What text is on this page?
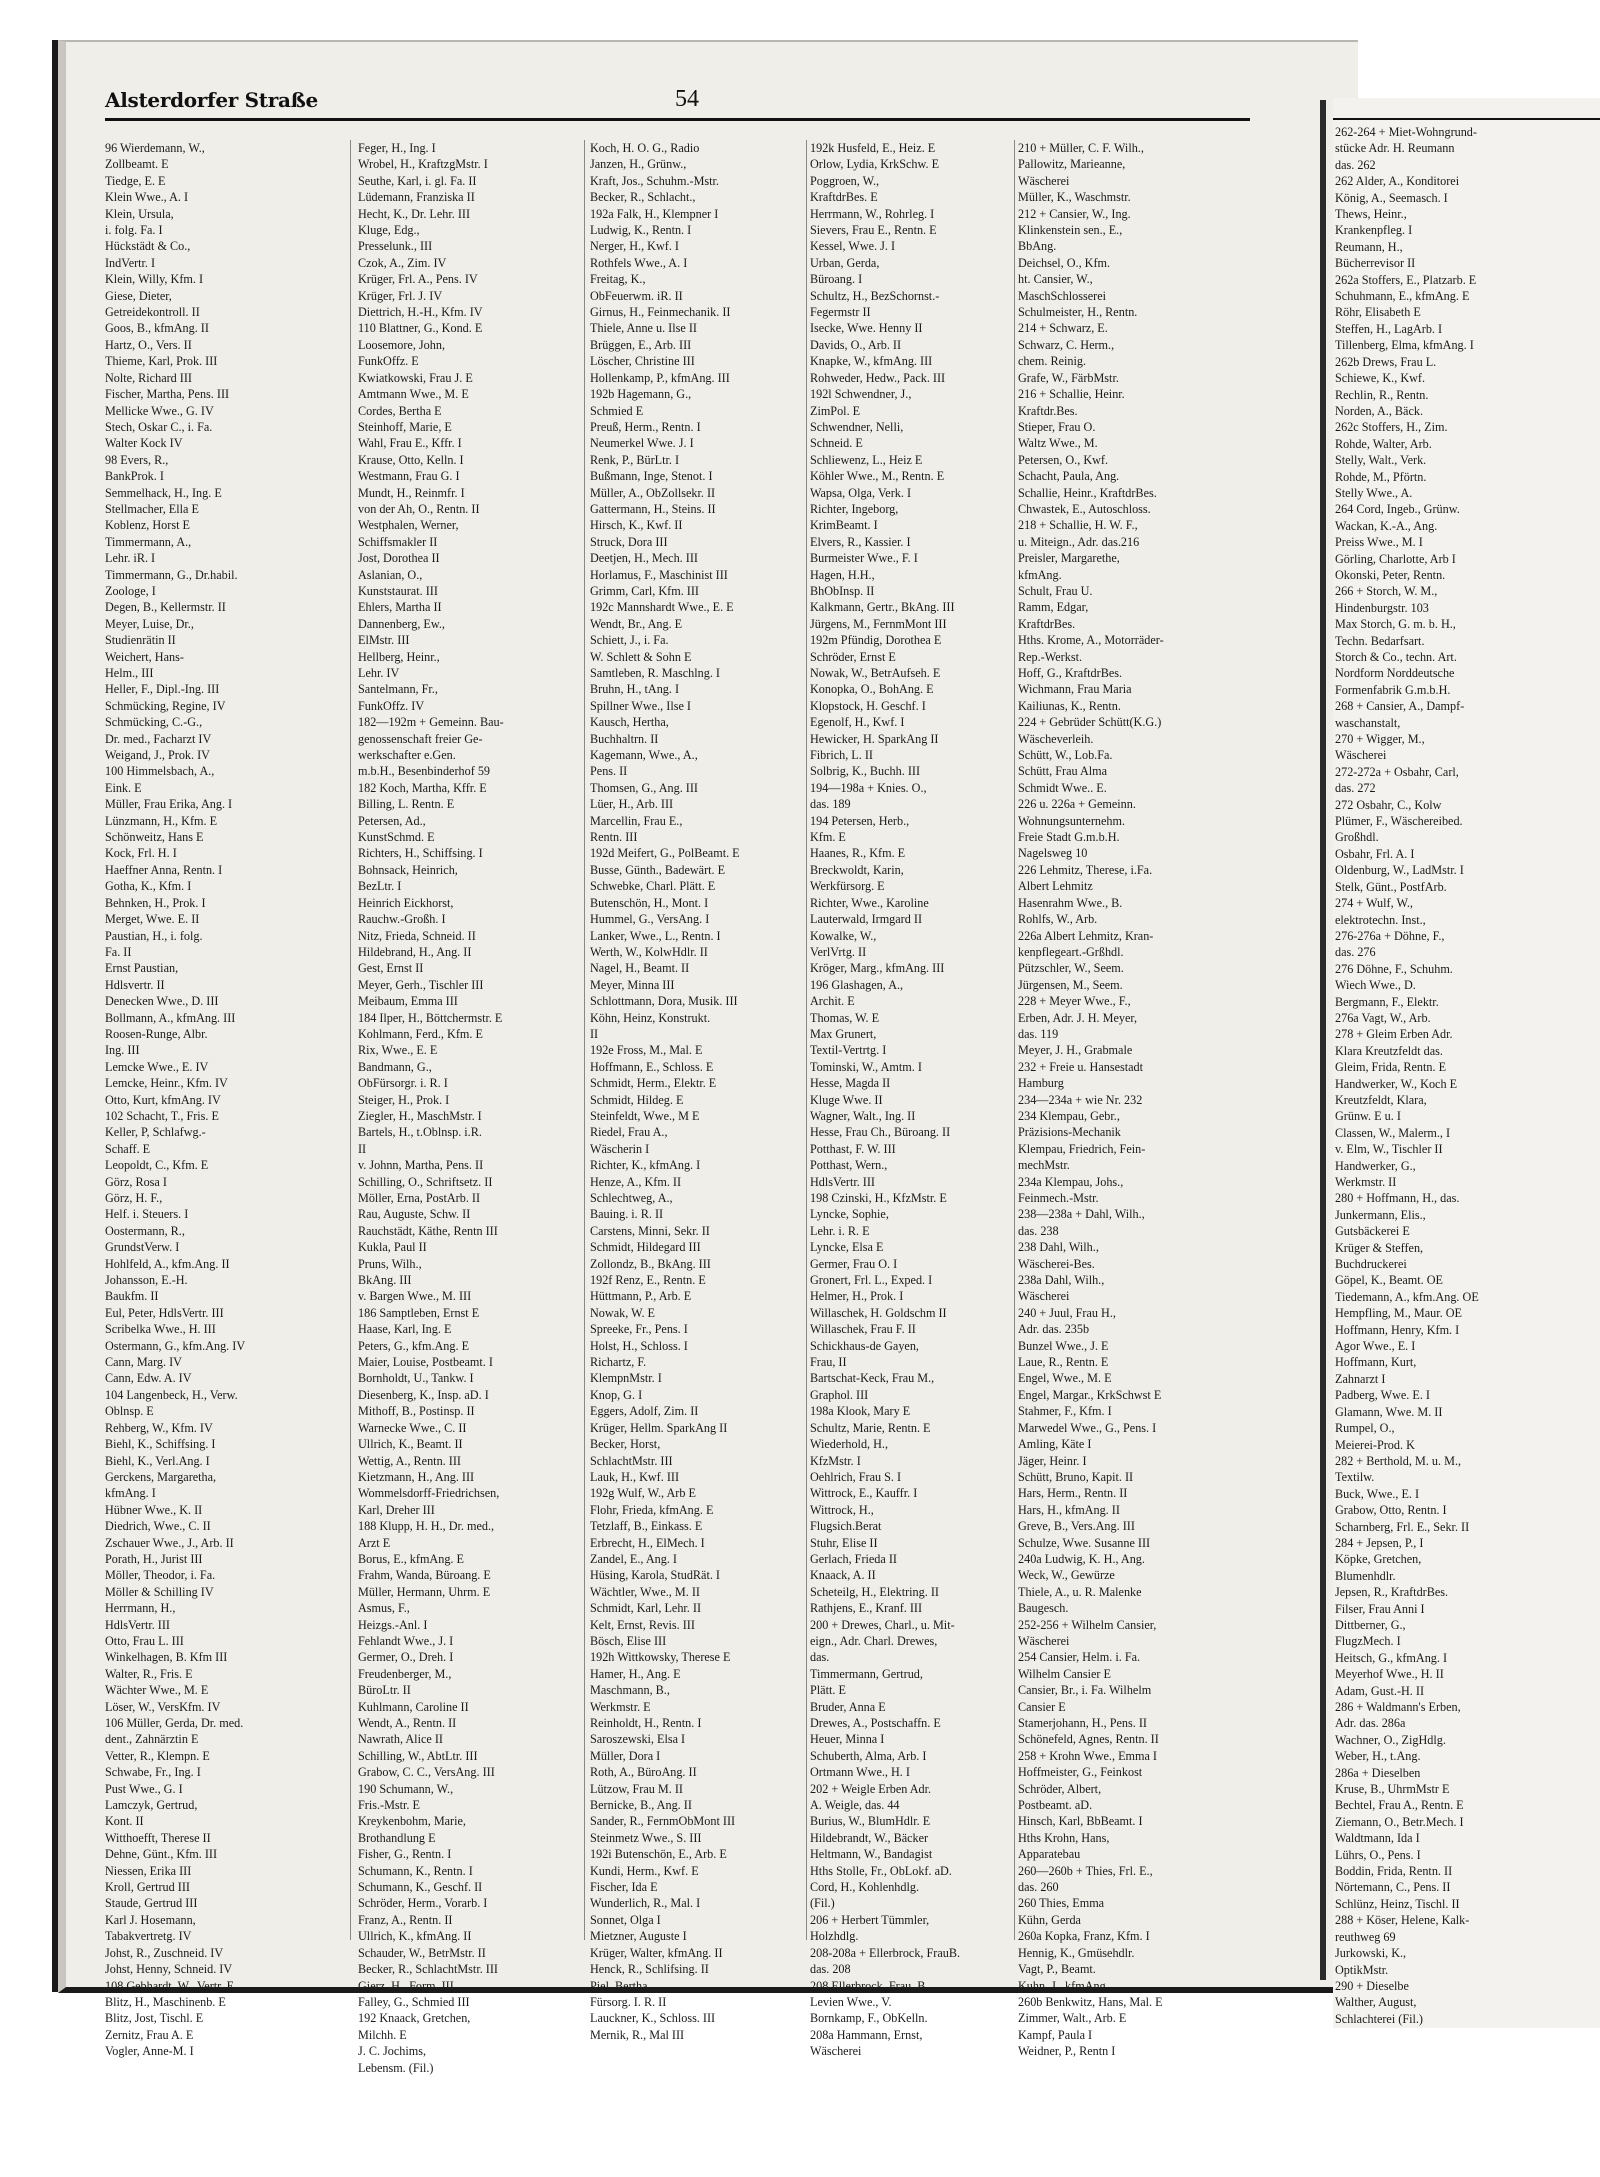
Alsterdorfer Straße	54
96 Wierdemann, W.,
Zollbeamt. E
Tiedge, E. E
Klein Wwe., A. I
Klein, Ursula,
i. folg. Fa. I
Hückstädt & Co.,
IndVertr. I
Klein, Willy, Kfm. I
Giese, Dieter,
Getreidekontroll. II
Goos, B., kfmAng. II
Hartz, O., Vers. II
Thieme, Karl, Prok. III
Nolte, Richard III
Fischer, Martha, Pens. III
Mellicke Wwe., G. IV
Stech, Oskar C., i. Fa.
Walter Kock IV
98 Evers, R.,
BankProk. I
Semmelhack, H., Ing. E
Stellmacher, Ella E
Koblenz, Horst E
Timmermann, A.,
Lehr. iR. I
Timmermann, G., Dr.habil.
Zoologe, I
Degen, B., Kellermstr. II
Meyer, Luise, Dr.,
Studienrätin II
Weichert, Hans-
Helm., III
Heller, F., Dipl.-Ing. III
Schmücking, Regine, IV
Schmücking, C.-G.,
Dr. med., Facharzt IV
Weigand, J., Prok. IV
100 Himmelsbach, A.,
Eink. E
Müller, Frau Erika, Ang. I
Lünzmann, H., Kfm. E
Schönweitz, Hans E
Kock, Frl. H. I
Haeffner Anna, Rentn. I
Gotha, K., Kfm. I
Behnken, H., Prok. I
Merget, Wwe. E. II
Paustian, H., i. folg.
Fa. II
Ernst Paustian,
Hdlsvertr. II
Denecken Wwe., D. III
Bollmann, A., kfmAng. III
Roosen-Runge, Albr.
Ing. III
Lemcke Wwe., E. IV
Lemcke, Heinr., Kfm. IV
Otto, Kurt, kfmAng. IV
102 Schacht, T., Fris. E
Keller, P, Schlafwg.-
Schaff. E
Leopoldt, C., Kfm. E
Görz, Rosa I
Görz, H. F.,
Helf. i. Steuers. I
Oostermann, R.,
GrundstVerw. I
Hohlfeld, A., kfm.Ang. II
Johansson, E.-H.
Baukfm. II
Eul, Peter, HdlsVertr. III
Scribelka Wwe., H. III
Ostermann, G., kfm.Ang. IV
Cann, Marg. IV
Cann, Edw. A. IV
104 Langenbeck, H., Verw.
Oblnsp. E
Rehberg, W., Kfm. IV
Biehl, K., Schiffsing. I
Biehl, K., Verl.Ang. I
Gerckens, Margaretha,
kfmAng. I
Hübner Wwe., K. II
Diedrich, Wwe., C. II
Zschauer Wwe., J., Arb. II
Porath, H., Jurist III
Möller, Theodor, i. Fa.
Möller & Schilling IV
Herrmann, H.,
HdlsVertr. III
Otto, Frau L. III
Winkelhagen, B. Kfm III
Walter, R., Fris. E
Wächter Wwe., M. E
Löser, W., VersKfm. IV
106 Müller, Gerda, Dr. med.
dent., Zahnärztin E
Vetter, R., Klempn. E
Schwabe, Fr., Ing. I
Pust Wwe., G. I
Lamczyk, Gertrud,
Kont. II
Witthoefft, Therese II
Dehne, Günt., Kfm. III
Niessen, Erika III
Kroll, Gertrud III
Staude, Gertrud III
Karl J. Hosemann,
Tabakvertretg. IV
Johst, R., Zuschneid. IV
Johst, Henny, Schneid. IV
108 Gebhardt, W., Vertr. E
Blitz, H., Maschinenb. E
Blitz, Jost, Tischl. E
Zernitz, Frau A. E
Vogler, Anne-M. I
Feger, H., Ing. I
Wrobel, H., KraftzgMstr. I
Seuthe, Karl, i. gl. Fa. II
Lüdemann, Franziska II
Hecht, K., Dr. Lehr. III
Kluge, Edg.,
Presselunk., III
Czok, A., Zim. IV
Krüger, Frl. A., Pens. IV
Krüger, Frl. J. IV
Diettrich, H.-H., Kfm. IV
110 Blattner, G., Kond. E
Loosemore, John,
FunkOffz. E
Kwiatkowski, Frau J. E
Amtmann Wwe., M. E
Cordes, Bertha E
Steinhoff, Marie, E
Wahl, Frau E., Kffr. I
Krause, Otto, Kelln. I
Westmann, Frau G. I
Mundt, H., Reinmfr. I
von der Ah, O., Rentn. II
Westphalen, Werner,
Schiffsmakler II
Jost, Dorothea II
Aslanian, O.,
Kunststaurat. III
Ehlers, Martha II
Dannenberg, Ew.,
ElMstr. III
Hellberg, Heinr.,
Lehr. IV
Santelmann, Fr.,
FunkOffz. IV
182—192m + Gemeinn. Bau-
genossenschaft freier Ge-
werkschafter e.Gen.
m.b.H., Besenbinderhof 59
182 Koch, Martha, Kffr. E
Billing, L. Rentn. E
Petersen, Ad.,
KunstSchmd. E
Richters, H., Schiffsing. I
Bohnsack, Heinrich,
BezLtr. I
Heinrich Eickhorst,
Rauchw.-Großh. I
Nitz, Frieda, Schneid. II
Hildebrand, H., Ang. II
Gest, Ernst II
Meyer, Gerh., Tischler III
Meibaum, Emma III
184 Ilper, H., Böttchermstr. E
Kohlmann, Ferd., Kfm. E
Rix, Wwe., E. E
Bandmann, G.,
ObFürsorgr. i. R. I
Steiger, H., Prok. I
Ziegler, H., MaschMstr. I
Bartels, H., t.Oblnsp. i.R.
II
v. Johnn, Martha, Pens. II
Schilling, O., Schriftsetz. II
Möller, Erna, PostArb. II
Rau, Auguste, Schw. II
Rauchstädt, Käthe, Rentn III
Kukla, Paul II
Pruns, Wilh.,
BkAng. III
v. Bargen Wwe., M. III
186 Samptleben, Ernst E
Haase, Karl, Ing. E
Peters, G., kfm.Ang. E
Maier, Louise, Postbeamt. I
Bornholdt, U., Tankw. I
Diesenberg, K., Insp. aD. I
Mithoff, B., Postinsp. II
Warnecke Wwe., C. II
Ullrich, K., Beamt. II
Wettig, A., Rentn. III
Kietzmann, H., Ang. III
Wommelsdorff-Friedrichsen,
Karl, Dreher III
188 Klupp, H. H., Dr. med.,
Arzt E
Borus, E., kfmAng. E
Frahm, Wanda, Büroang. E
Müller, Hermann, Uhrm. E
Asmus, F.,
Heizgs.-Anl. I
Fehlandt Wwe., J. I
Germer, O., Dreh. I
Freudenberger, M.,
BüroLtr. II
Kuhlmann, Caroline II
Wendt, A., Rentn. II
Nawrath, Alice II
Schilling, W., AbtLtr. III
Grabow, C. C., VersAng. III
190 Schumann, W.,
Fris.-Mstr. E
Kreykenbohm, Marie,
Brothandlung E
Fisher, G., Rentn. I
Schumann, K., Rentn. I
Schumann, K., Geschf. II
Schröder, Herm., Vorarb. I
Franz, A., Rentn. II
Ullrich, K., kfmAng. II
Schauder, W., BetrMstr. II
Becker, R., SchlachtMstr. III
Gierz, H., Form. III
Falley, G., Schmied III
192 Knaack, Gretchen,
Milchh. E
J. C. Jochims,
Lebensm. (Fil.)
Koch, H. O. G., Radio
Janzen, H., Grünw.,
Kraft, Jos., Schuhm.-Mstr.
Becker, R., Schlacht.,
192a Falk, H., Klempner I
Ludwig, K., Rentn. I
Nerger, H., Kwf. I
Rothfels Wwe., A. I
Freitag, K.,
ObFeuerwm. iR. II
Girnus, H., Feinmechanik. II
Thiele, Anne u. Ilse II
Brüggen, E., Arb. III
Löscher, Christine III
Hollenkamp, P., kfmAng. III
192b Hagemann, G.,
Schmied E
Preuß, Herm., Rentn. I
Neumerkel Wwe. J. I
Renk, P., BürLtr. I
Bußmann, Inge, Stenot. I
Müller, A., ObZollsekr. II
Gattermann, H., Steins. II
Hirsch, K., Kwf. II
Struck, Dora III
Deetjen, H., Mech. III
Horlamus, F., Maschinist III
Grimm, Carl, Kfm. III
192c Mannshardt Wwe., E. E
Wendt, Br., Ang. E
Schiett, J., i. Fa.
W. Schlett & Sohn E
Samtleben, R. Maschlng. I
Bruhn, H., tAng. I
Spillner Wwe., Ilse I
Kausch, Hertha,
Buchhaltrn. II
Kagemann, Wwe., A.,
Pens. II
Thomsen, G., Ang. III
Lüer, H., Arb. III
Marcellin, Frau E.,
Rentn. III
192d Meifert, G., PolBeamt. E
Busse, Günth., Badewärt. E
Schwebke, Charl. Plätt. E
Butenschön, H., Mont. I
Hummel, G., VersAng. I
Lanker, Wwe., L., Rentn. I
Werth, W., KolwHdlr. II
Nagel, H., Beamt. II
Meyer, Minna III
Schlottmann, Dora, Musik. III
Köhn, Heinz, Konstrukt.
II
192e Fross, M., Mal. E
Hoffmann, E., Schloss. E
Schmidt, Herm., Elektr. E
Schmidt, Hildeg. E
Steinfeldt, Wwe., M E
Riedel, Frau A.,
Wäscherin I
Richter, K., kfmAng. I
Henze, A., Kfm. II
Schlechtweg, A.,
Bauing. i. R. II
Carstens, Minni, Sekr. II
Schmidt, Hildegard III
Zollondz, B., BkAng. III
192f Renz, E., Rentn. E
Hüttmann, P., Arb. E
Nowak, W. E
Spreeke, Fr., Pens. I
Holst, H., Schloss. I
Richartz, F.
KlempnMstr. I
Knop, G. I
Eggers, Adolf, Zim. II
Krüger, Hellm. SparkAng II
Becker, Horst,
SchlachtMstr. III
Lauk, H., Kwf. III
192g Wulf, W., Arb E
Flohr, Frieda, kfmAng. E
Tetzlaff, B., Einkass. E
Erbrecht, H., ElMech. I
Zandel, E., Ang. I
Hüsing, Karola, StudRät. I
Wächtler, Wwe., M. II
Schmidt, Karl, Lehr. II
Kelt, Ernst, Revis. III
Bösch, Elise III
192h Wittkowsky, Therese E
Hamer, H., Ang. E
Maschmann, B.,
Werkmstr. E
Reinholdt, H., Rentn. I
Saroszewski, Elsa I
Müller, Dora I
Roth, A., BüroAng. II
Lützow, Frau M. II
Bernicke, B., Ang. II
Sander, R., FernmObMont III
Steinmetz Wwe., S. III
192i Butenschön, E., Arb. E
Kundi, Herm., Kwf. E
Fischer, Ida E
Wunderlich, R., Mal. I
Sonnet, Olga I
Mietzner, Auguste I
Krüger, Walter, kfmAng. II
Henck, R., Schlifsing. II
Piel, Bertha
Fürsorg. I. R. II
Lauckner, K., Schloss. III
Mernik, R., Mal III
192k Husfeld, E., Heiz. E
Orlow, Lydia, KrkSchw. E
Poggroen, W.,
KraftdrBes. E
Herrmann, W., Rohrleg. I
Sievers, Frau E., Rentn. E
Kessel, Wwe. J. I
Urban, Gerda,
Büroang. I
Schultz, H., BezSchornst.-
Fegermstr II
Isecke, Wwe. Henny II
Davids, O., Arb. II
Knapke, W., kfmAng. III
Rohweder, Hedw., Pack. III
192l Schwendner, J.,
ZimPol. E
Schwendner, Nelli,
Schneid. E
Schliewenz, L., Heiz E
Köhler Wwe., M., Rentn. E
Wapsa, Olga, Verk. I
Richter, Ingeborg,
KrimBeamt. I
Elvers, R., Kassier. I
Burmeister Wwe., F. I
Hagen, H.H.,
BhObInsp. II
Kalkmann, Gertr., BkAng. III
Jürgens, M., FernmMont III
192m Pfündig, Dorothea E
Schröder, Ernst E
Nowak, W., BetrAufseh. E
Konopka, O., BohAng. E
Klopstock, H. Geschf. I
Egenolf, H., Kwf. I
Hewicker, H. SparkAng II
Fibrich, L. II
Solbrig, K., Buchh. III
194—198a + Knies. O.,
das. 189
194 Petersen, Herb.,
Kfm. E
Haanes, R., Kfm. E
Breckwoldt, Karin,
Werkfürsorg. E
Richter, Wwe., Karoline
Lauterwald, Irmgard II
Kowalke, W.,
VerlVrtg. II
Kröger, Marg., kfmAng. III
196 Glashagen, A.,
Archit. E
Thomas, W. E
Max Grunert,
Textil-Vertrtg. I
Tominski, W., Amtm. I
Hesse, Magda II
Kluge Wwe. II
Wagner, Walt., Ing. II
Hesse, Frau Ch., Büroang. II
Potthast, F. W. III
Potthast, Wern.,
HdlsVertr. III
198 Czinski, H., KfzMstr. E
Lyncke, Sophie,
Lehr. i. R. E
Lyncke, Elsa E
Germer, Frau O. I
Gronert, Frl. L., Exped. I
Helmer, H., Prok. I
Willaschek, H. Goldschm II
Willaschek, Frau F. II
Schickhaus-de Gayen,
Frau, II
Bartschat-Keck, Frau M.,
Graphol. III
198a Klook, Mary E
Schultz, Marie, Rentn. E
Wiederhold, H.,
KfzMstr. I
Oehlrich, Frau S. I
Wittrock, E., Kauffr. I
Wittrock, H.,
Flugsich.Berat
Stuhr, Elise II
Gerlach, Frieda II
Knaack, A. II
Scheteilg, H., Elektring. II
Rathjens, E., Kranf. III
200 + Drewes, Charl., u. Mit-
eign., Adr. Charl. Drewes,
das.
Timmermann, Gertrud,
Plätt. E
Bruder, Anna E
Drewes, A., Postschaffn. E
Heuer, Minna I
Schuberth, Alma, Arb. I
Ortmann Wwe., H. I
202 + Weigle Erben Adr.
A. Weigle, das. 44
Burius, W., BlumHdlr. E
Hildebrandt, W., Bäcker
Heltmann, W., Bandagist
Hths Stolle, Fr., ObLokf. aD.
Cord, H., Kohlenhdlg.
(Fil.)
206 + Herbert Tümmler,
Holzhdlg.
208-208a + Ellerbrock, FrauB.
das. 208
208 Ellerbrock, Frau, B.
Levien Wwe., V.
Bornkamp, F., ObKelln.
208a Hammann, Ernst,
Wäscherei
210 + Müller, C. F. Wilh.,
Pallowitz, Marieanne,
Wäscherei
Müller, K., Waschmstr.
212 + Cansier, W., Ing.
Klinkenstein sen., E.,
BbAng.
Deichsel, O., Kfm.
ht. Cansier, W.,
MaschSchlosserei
Schulmeister, H., Rentn.
214 + Schwarz, E.
Schwarz, C. Herm.,
chem. Reinig.
Grafe, W., FärbMstr.
216 + Schallie, Heinr.
Kraftdr.Bes.
Stieper, Frau O.
Waltz Wwe., M.
Petersen, O., Kwf.
Schacht, Paula, Ang.
Schallie, Heinr., KraftdrBes.
Chwastek, E., Autoschloss.
218 + Schallie, H. W. F.,
u. Miteign., Adr. das.216
Preisler, Margarethe,
kfmAng.
Schult, Frau U.
Ramm, Edgar,
KraftdrBes.
Hths. Krome, A., Motorräder-
Rep.-Werkst.
Hoff, G., KraftdrBes.
Wichmann, Frau Maria
Kailiunas, K., Rentn.
224 + Gebrüder Schütt(K.G.)
Wäscheverleih.
Schütt, W., Lob.Fa.
Schütt, Frau Alma
Schmidt Wwe.. E.
226 u. 226a + Gemeinn.
Wohnungsunternehm.
Freie Stadt G.m.b.H.
Nagelsweg 10
226 Lehmitz, Therese, i.Fa.
Albert Lehmitz
Hasenrahm Wwe., B.
Rohlfs, W., Arb.
226a Albert Lehmitz, Kran-
kenpflegeart.-Grßhdl.
Pützschler, W., Seem.
Jürgensen, M., Seem.
228 + Meyer Wwe., F.,
Erben, Adr. J. H. Meyer,
das. 119
Meyer, J. H., Grabmale
232 + Freie u. Hansestadt
Hamburg
234—234a + wie Nr. 232
234 Klempau, Gebr.,
Präzisions-Mechanik
Klempau, Friedrich, Fein-
mechMstr.
234a Klempau, Johs.,
Feinmech.-Mstr.
238—238a + Dahl, Wilh.,
das. 238
238 Dahl, Wilh.,
Wäscherei-Bes.
238a Dahl, Wilh.,
Wäscherei
240 + Juul, Frau H.,
Adr. das. 235b
Bunzel Wwe., J. E
Laue, R., Rentn. E
Engel, Wwe., M. E
Engel, Margar., KrkSchwst E
Stahmer, F., Kfm. I
Marwedel Wwe., G., Pens. I
Amling, Käte I
Jäger, Heinr. I
Schütt, Bruno, Kapit. II
Hars, Herm., Rentn. II
Hars, H., kfmAng. II
Greve, B., Vers.Ang. III
Schulze, Wwe. Susanne III
240a Ludwig, K. H., Ang.
Weck, W., Gewürze
Thiele, A., u. R. Malenke
Baugesch.
252-256 + Wilhelm Cansier,
Wäscherei
254 Cansier, Helm. i. Fa.
Wilhelm Cansier E
Cansier, Br., i. Fa. Wilhelm
Cansier E
Stamerjohann, H., Pens. II
Schönefeld, Agnes, Rentn. II
258 + Krohn Wwe., Emma I
Hoffmeister, G., Feinkost
Schröder, Albert,
Postbeamt. aD.
Hinsch, Karl, BbBeamt. I
Hths Krohn, Hans,
Apparatebau
260—260b + Thies, Frl. E.,
das. 260
260 Thies, Emma
Kühn, Gerda
260a Kopka, Franz, Kfm. I
Hennig, K., Gmüsehdlr.
Vagt, P., Beamt.
Kuhn, J., kfmAng.
260b Benkwitz, Hans, Mal. E
Zimmer, Walt., Arb. E
Kampf, Paula I
Weidner, P., Rentn I
262-264 + Miet-Wohngrund-
stücke Adr. H. Reumann
das. 262
262 Alder, A., Konditorei
König, A., Seemasch. I
Thews, Heinr.,
Krankenpfleg. I
Reumann, H.,
Bücherrevisor II
262a Stoffers, E., Platzarb. E
Schuhmann, E., kfmAng. E
Röhr, Elisabeth E
Steffen, H., LagArb. I
Tillenberg, Elma, kfmAng. I
262b Drews, Frau L.
Schiewe, K., Kwf.
Rechlin, R., Rentn.
Norden, A., Bäck.
262c Stoffers, H., Zim.
Rohde, Walter, Arb.
Stelly, Walt., Verk.
Rohde, M., Pförtn.
Stelly Wwe., A.
264 Cord, Ingeb., Grünw.
Wackan, K.-A., Ang.
Preiss Wwe., M. I
Görling, Charlotte, Arb I
Okonski, Peter, Rentn.
266 + Storch, W. M.,
Hindenburgstr. 103
Max Storch, G. m. b. H.,
Techn. Bedarfsart.
Storch & Co., techn. Art.
Nordform Norddeutsche
Formenfabrik G.m.b.H.
268 + Cansier, A., Dampf-
waschanstalt,
270 + Wigger, M.,
Wäscherei
272-272a + Osbahr, Carl,
das. 272
272 Osbahr, C., Kolw
Plümer, F., Wäschereibed.
Großhdl.
Osbahr, Frl. A. I
Oldenburg, W., LadMstr. I
Stelk, Günt., PostfArb.
274 + Wulf, W.,
elektrotechn. Inst.,
276-276a + Döhne, F.,
das. 276
276 Döhne, F., Schuhm.
Wiech Wwe., D.
Bergmann, F., Elektr.
276a Vagt, W., Arb.
278 + Gleim Erben Adr.
Klara Kreutzfeldt das.
Gleim, Frida, Rentn. E
Handwerker, W., Koch E
Kreutzfeldt, Klara,
Grünw. E u. I
Classen, W., Malerm., I
v. Elm, W., Tischler II
Handwerker, G.,
Werkmstr. II
280 + Hoffmann, H., das.
Junkermann, Elis.,
Gutsbäckerei E
Krüger & Steffen,
Buchdruckerei
Göpel, K., Beamt. OE
Tiedemann, A., kfm.Ang. OE
Hempfling, M., Maur. OE
Hoffmann, Henry, Kfm. I
Agor Wwe., E. I
Hoffmann, Kurt,
Zahnarzt I
Padberg, Wwe. E. I
Glamann, Wwe. M. II
Rumpel, O.,
Meierei-Prod. K
282 + Berthold, M. u. M.,
Textilw.
Buck, Wwe., E. I
Grabow, Otto, Rentn. I
Scharnberg, Frl. E., Sekr. II
284 + Jepsen, P., I
Köpke, Gretchen,
Blumenhdlr.
Jepsen, R., KraftdrBes.
Filser, Frau Anni I
Dittberner, G.,
FlugzMech. I
Heitsch, G., kfmAng. I
Meyerhof Wwe., H. II
Adam, Gust.-H. II
286 + Waldmann's Erben,
Adr. das. 286a
Wachner, O., ZigHdlg.
Weber, H., t.Ang.
286a + Dieselben
Kruse, B., UhrmMstr E
Bechtel, Frau A., Rentn. E
Ziemann, O., Betr.Mech. I
Waldtmann, Ida I
Lührs, O., Pens. I
Boddin, Frida, Rentn. II
Nörtemann, C., Pens. II
Schlünz, Heinz, Tischl. II
288 + Köser, Helene, Kalk-
reuthweg 69
Jurkowski, K.,
OptikMstr.
290 + Dieselbe
Walther, August,
Schlachterei (Fil.)
